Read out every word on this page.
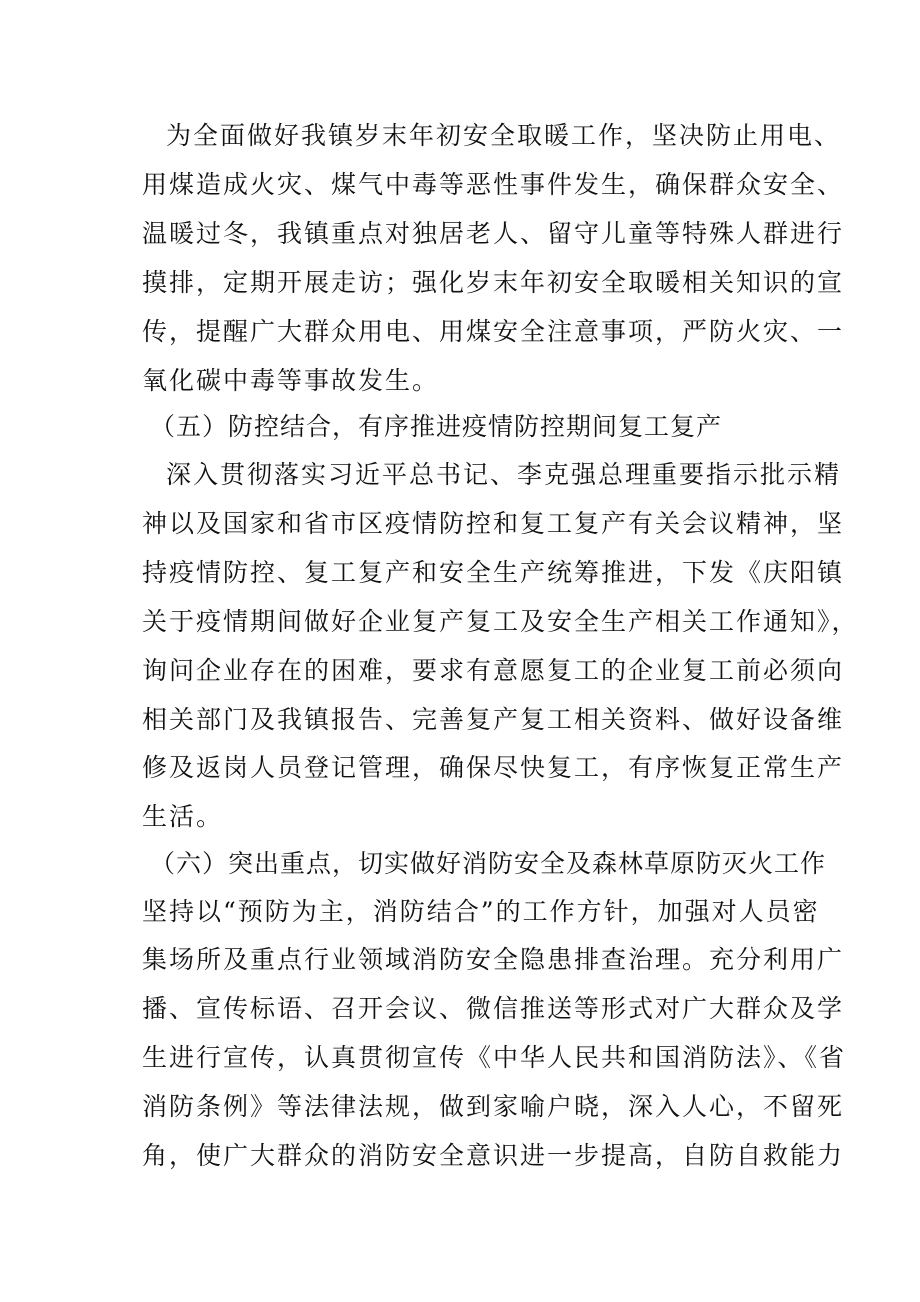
为全面做好我镇岁末年初安全取暖工作，坚决防止用电、
用煤造成火灾、煤气中毒等恶性事件发生，确保群众安全、
温暖过冬，我镇重点对独居老人、留守儿童等特殊人群进行
摸排，定期开展走访；强化岁末年初安全取暖相关知识的宣
传，提醒广大群众用电、用煤安全注意事项，严防火灾、一
氧化碳中毒等事故发生。
（五）防控结合，有序推进疫情防控期间复工复产
深入贯彻落实习近平总书记、李克强总理重要指示批示精
神以及国家和省市区疫情防控和复工复产有关会议精神，坚
持疫情防控、复工复产和安全生产统筹推进，下发《庆阳镇
关于疫情期间做好企业复产复工及安全生产相关工作通知》，
询问企业存在的困难，要求有意愿复工的企业复工前必须向
相关部门及我镇报告、完善复产复工相关资料、做好设备维
修及返岗人员登记管理，确保尽快复工，有序恢复正常生产
生活。
（六）突出重点，切实做好消防安全及森林草原防灭火工作
坚持以“预防为主，消防结合”的工作方针，加强对人员密
集场所及重点行业领域消防安全隐患排查治理。充分利用广
播、宣传标语、召开会议、微信推送等形式对广大群众及学
生进行宣传，认真贯彻宣传《中华人民共和国消防法》、《省
消防条例》等法律法规，做到家喻户晓，深入人心，不留死
角，使广大群众的消防安全意识进一步提高，自防自救能力
